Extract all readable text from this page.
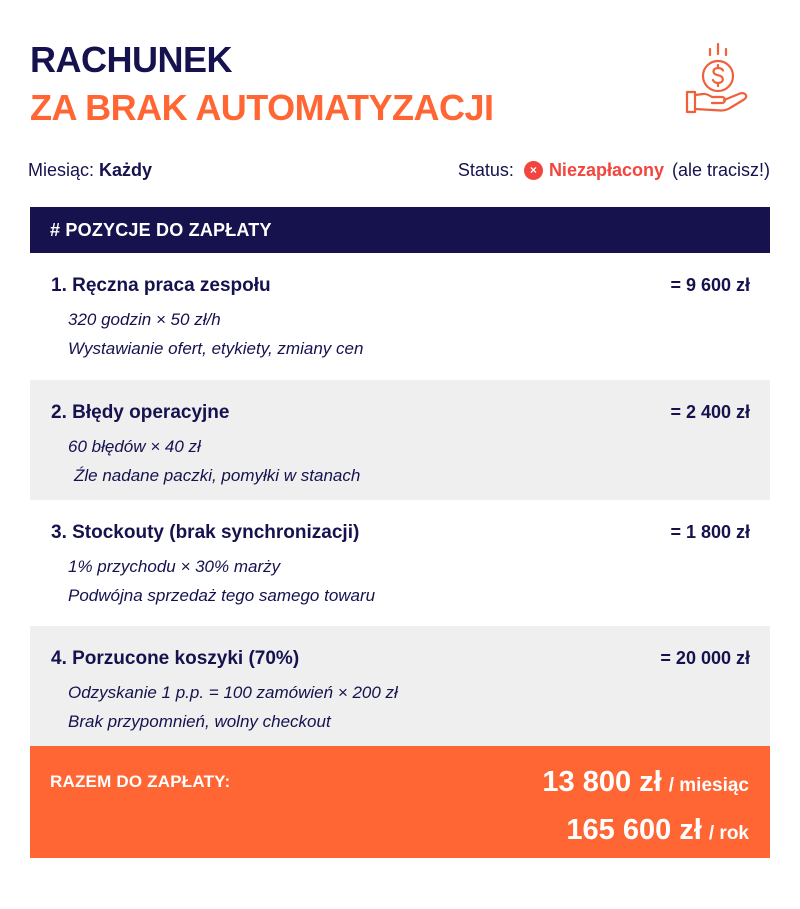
RACHUNEK
ZA BRAK AUTOMATYZACJI
Miesiąc: Każdy	Status:	× Niezapłacony (ale tracisz!)
# POZYCJE DO ZAPŁATY
1. Ręczna praca zespołu	= 9 600 zł
320 godzin × 50 zł/h
Wystawianie ofert, etykiety, zmiany cen
2. Błędy operacyjne	= 2 400 zł
60 błędów × 40 zł
Źle nadane paczki, pomyłki w stanach
3. Stockouty (brak synchronizacji)	= 1 800 zł
1% przychodu × 30% marży
Podwójna sprzedaż tego samego towaru
4. Porzucone koszyki (70%)	= 20 000 zł
Odzyskanie 1 p.p. = 100 zamówień × 200 zł
Brak przypomnień, wolny checkout
RAZEM DO ZAPŁATY:	13 800 zł / miesiąc
165 600 zł / rok
